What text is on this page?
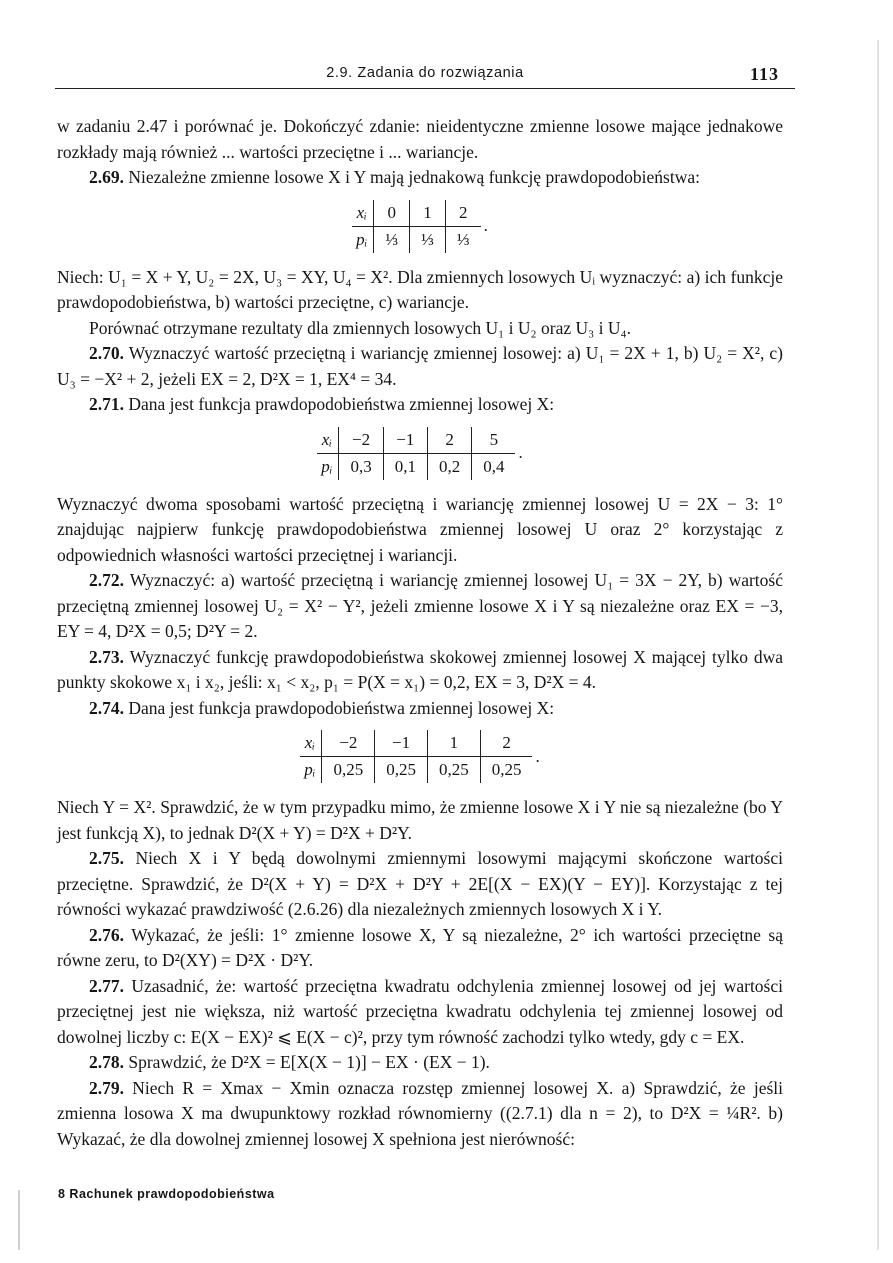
2.9. Zadania do rozwiązania	113

w zadaniu 2.47 i porównać je. Dokończyć zdanie: nieidentyczne zmienne losowe mające jednakowe rozkłady mają również ... wartości przeciętne i ... wariancje.

2.69. Niezależne zmienne losowe X i Y mają jednakową funkcję prawdopodobieństwa:

xᵢ	0	1	2
pᵢ	⅓	⅓	⅓
.

Niech: U₁ = X + Y, U₂ = 2X, U₃ = XY, U₄ = X². Dla zmiennych losowych Uᵢ wyznaczyć: a) ich funkcje prawdopodobieństwa, b) wartości przeciętne, c) wariancje.

Porównać otrzymane rezultaty dla zmiennych losowych U₁ i U₂ oraz U₃ i U₄.

2.70. Wyznaczyć wartość przeciętną i wariancję zmiennej losowej: a) U₁ = 2X + 1, b) U₂ = X², c) U₃ = −X² + 2, jeżeli EX = 2, D²X = 1, EX⁴ = 34.

2.71. Dana jest funkcja prawdopodobieństwa zmiennej losowej X:

xᵢ	−2	−1	2	5
pᵢ	0,3	0,1	0,2	0,4
.

Wyznaczyć dwoma sposobami wartość przeciętną i wariancję zmiennej losowej U = 2X − 3: 1° znajdując najpierw funkcję prawdopodobieństwa zmiennej losowej U oraz 2° korzystając z odpowiednich własności wartości przeciętnej i wariancji.

2.72. Wyznaczyć: a) wartość przeciętną i wariancję zmiennej losowej U₁ = 3X − 2Y, b) wartość przeciętną zmiennej losowej U₂ = X² − Y², jeżeli zmienne losowe X i Y są niezależne oraz EX = −3, EY = 4, D²X = 0,5; D²Y = 2.

2.73. Wyznaczyć funkcję prawdopodobieństwa skokowej zmiennej losowej X mającej tylko dwa punkty skokowe x₁ i x₂, jeśli: x₁ < x₂, p₁ = P(X = x₁) = 0,2, EX = 3, D²X = 4.

2.74. Dana jest funkcja prawdopodobieństwa zmiennej losowej X:

xᵢ	−2	−1	1	2
pᵢ	0,25	0,25	0,25	0,25
.

Niech Y = X². Sprawdzić, że w tym przypadku mimo, że zmienne losowe X i Y nie są niezależne (bo Y jest funkcją X), to jednak D²(X + Y) = D²X + D²Y.

2.75. Niech X i Y będą dowolnymi zmiennymi losowymi mającymi skończone wartości przeciętne. Sprawdzić, że D²(X + Y) = D²X + D²Y + 2E[(X − EX)(Y − EY)]. Korzystając z tej równości wykazać prawdziwość (2.6.26) dla niezależnych zmiennych losowych X i Y.

2.76. Wykazać, że jeśli: 1° zmienne losowe X, Y są niezależne, 2° ich wartości przeciętne są równe zeru, to D²(XY) = D²X · D²Y.

2.77. Uzasadnić, że: wartość przeciętna kwadratu odchylenia zmiennej losowej od jej wartości przeciętnej jest nie większa, niż wartość przeciętna kwadratu odchylenia tej zmiennej losowej od dowolnej liczby c: E(X − EX)² ⩽ E(X − c)², przy tym równość zachodzi tylko wtedy, gdy c = EX.

2.78. Sprawdzić, że D²X = E[X(X − 1)] − EX · (EX − 1).

2.79. Niech R = Xmax − Xmin oznacza rozstęp zmiennej losowej X. a) Sprawdzić, że jeśli zmienna losowa X ma dwupunktowy rozkład równomierny ((2.7.1) dla n = 2), to D²X = ¼R². b) Wykazać, że dla dowolnej zmiennej losowej X spełniona jest nierówność:

8 Rachunek prawdopodobieństwa
